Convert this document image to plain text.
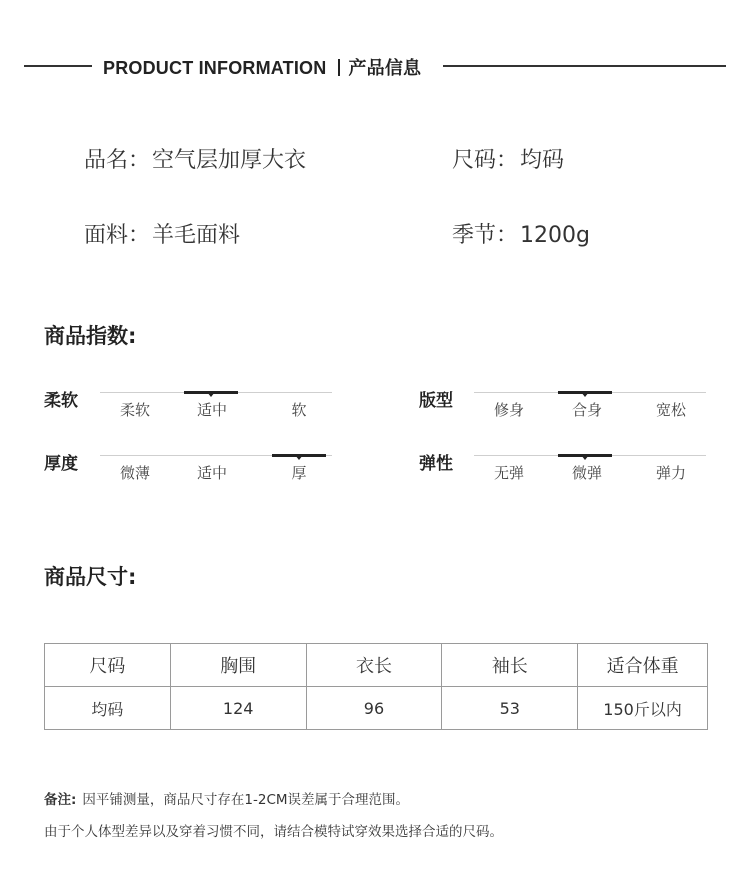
PRODUCT INFORMATION 产品信息
品名：空气层加厚大衣	尺码：均码
面料：羊毛面料	季节：1200g
商品指数:
柔软	柔软	适中	软	版型	修身	合身	宽松
厚度	微薄	适中	厚	弹性	无弹	微弹	弹力
商品尺寸:
尺码	胸围	衣长	袖长	适合体重
均码	124	96	53	150斤以内
备注: 因平铺测量，商品尺寸存在1-2CM误差属于合理范围。
由于个人体型差异以及穿着习惯不同，请结合模特试穿效果选择合适的尺码。
